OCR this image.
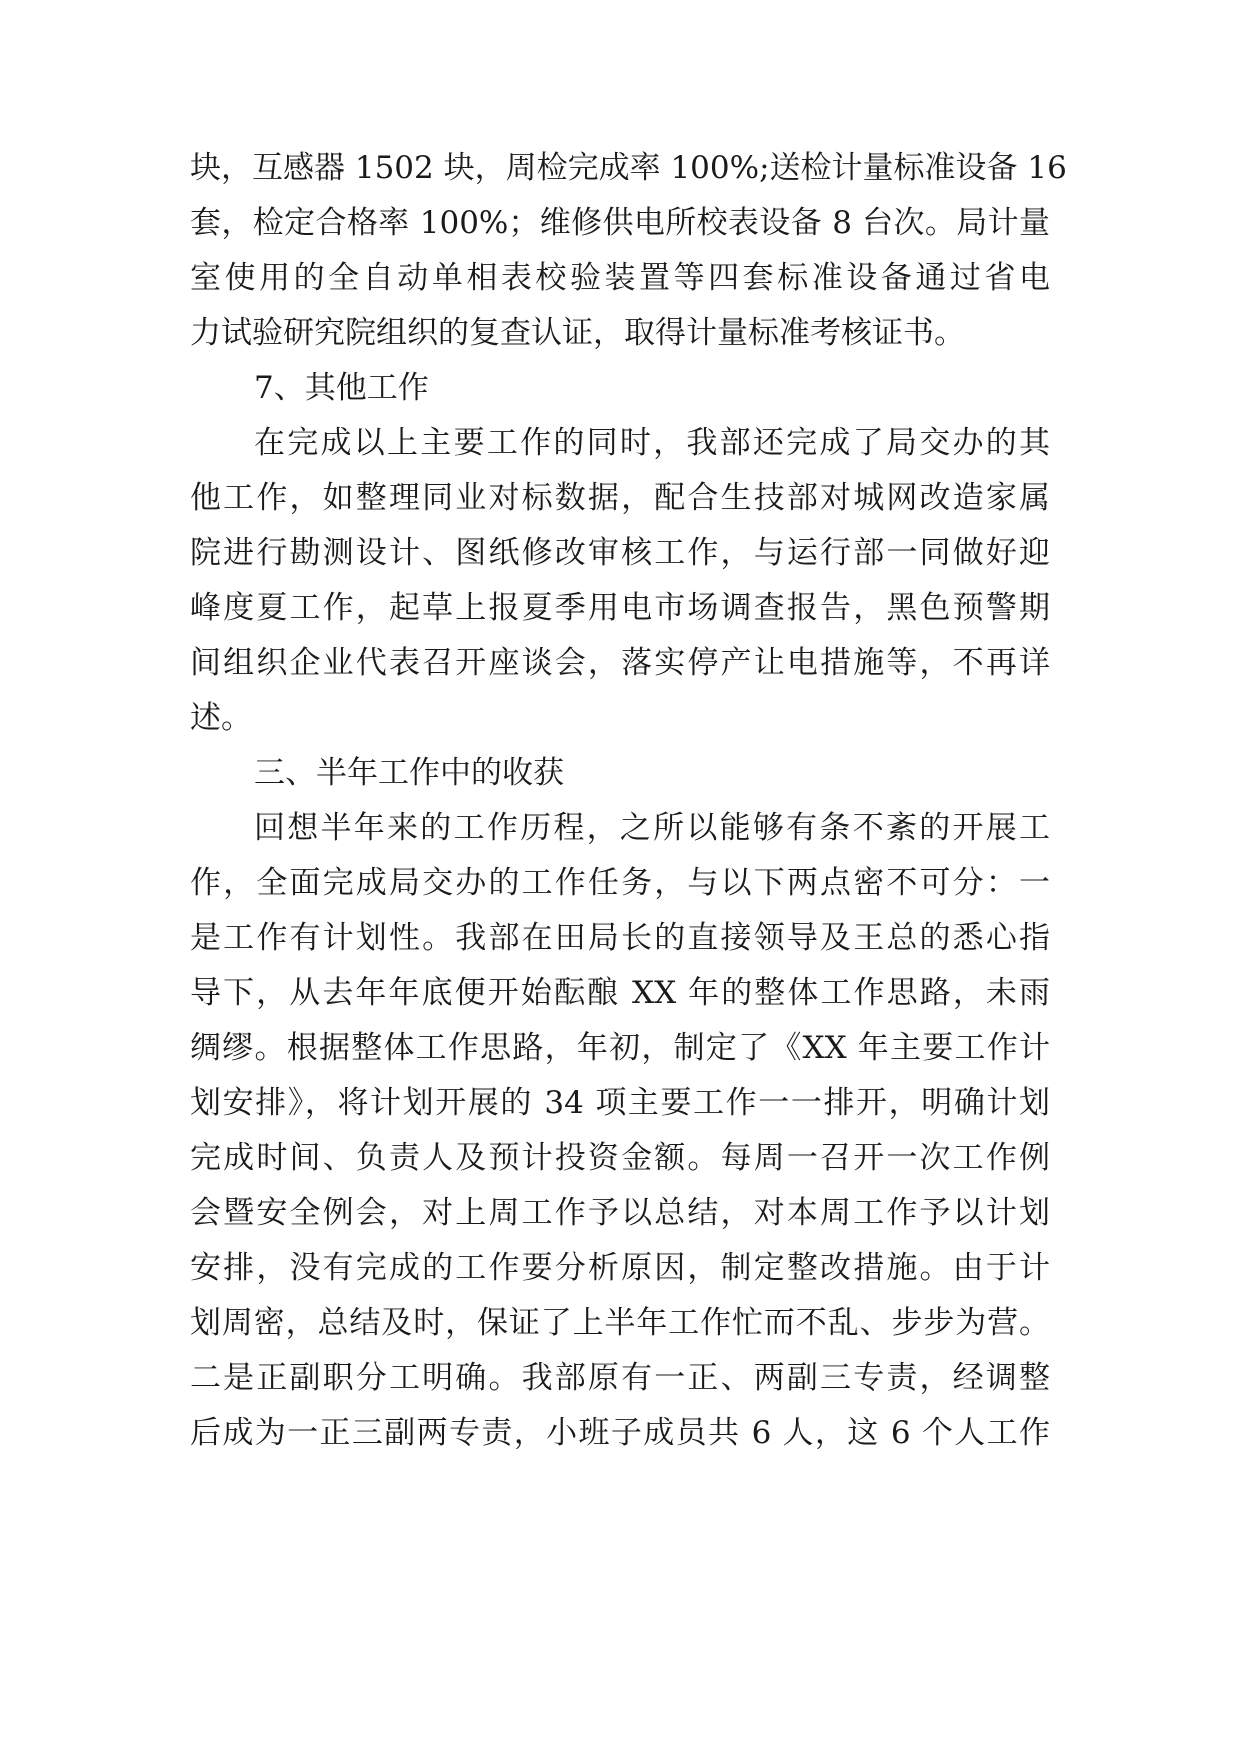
块，互感器 1502 块，周检完成率 100%;送检计量标准设备 16
套，检定合格率 100%；维修供电所校表设备 8 台次。局计量
室使用的全自动单相表校验装置等四套标准设备通过省电
力试验研究院组织的复查认证，取得计量标准考核证书。
7、其他工作
在完成以上主要工作的同时，我部还完成了局交办的其
他工作，如整理同业对标数据，配合生技部对城网改造家属
院进行勘测设计、图纸修改审核工作，与运行部一同做好迎
峰度夏工作，起草上报夏季用电市场调查报告，黑色预警期
间组织企业代表召开座谈会，落实停产让电措施等，不再详
述。
三、半年工作中的收获
回想半年来的工作历程，之所以能够有条不紊的开展工
作，全面完成局交办的工作任务，与以下两点密不可分：一
是工作有计划性。我部在田局长的直接领导及王总的悉心指
导下，从去年年底便开始酝酿 XX 年的整体工作思路，未雨
绸缪。根据整体工作思路，年初，制定了《XX 年主要工作计
划安排》，将计划开展的 34 项主要工作一一排开，明确计划
完成时间、负责人及预计投资金额。每周一召开一次工作例
会暨安全例会，对上周工作予以总结，对本周工作予以计划
安排，没有完成的工作要分析原因，制定整改措施。由于计
划周密，总结及时，保证了上半年工作忙而不乱、步步为营。
二是正副职分工明确。我部原有一正、两副三专责，经调整
后成为一正三副两专责，小班子成员共 6 人，这 6 个人工作
